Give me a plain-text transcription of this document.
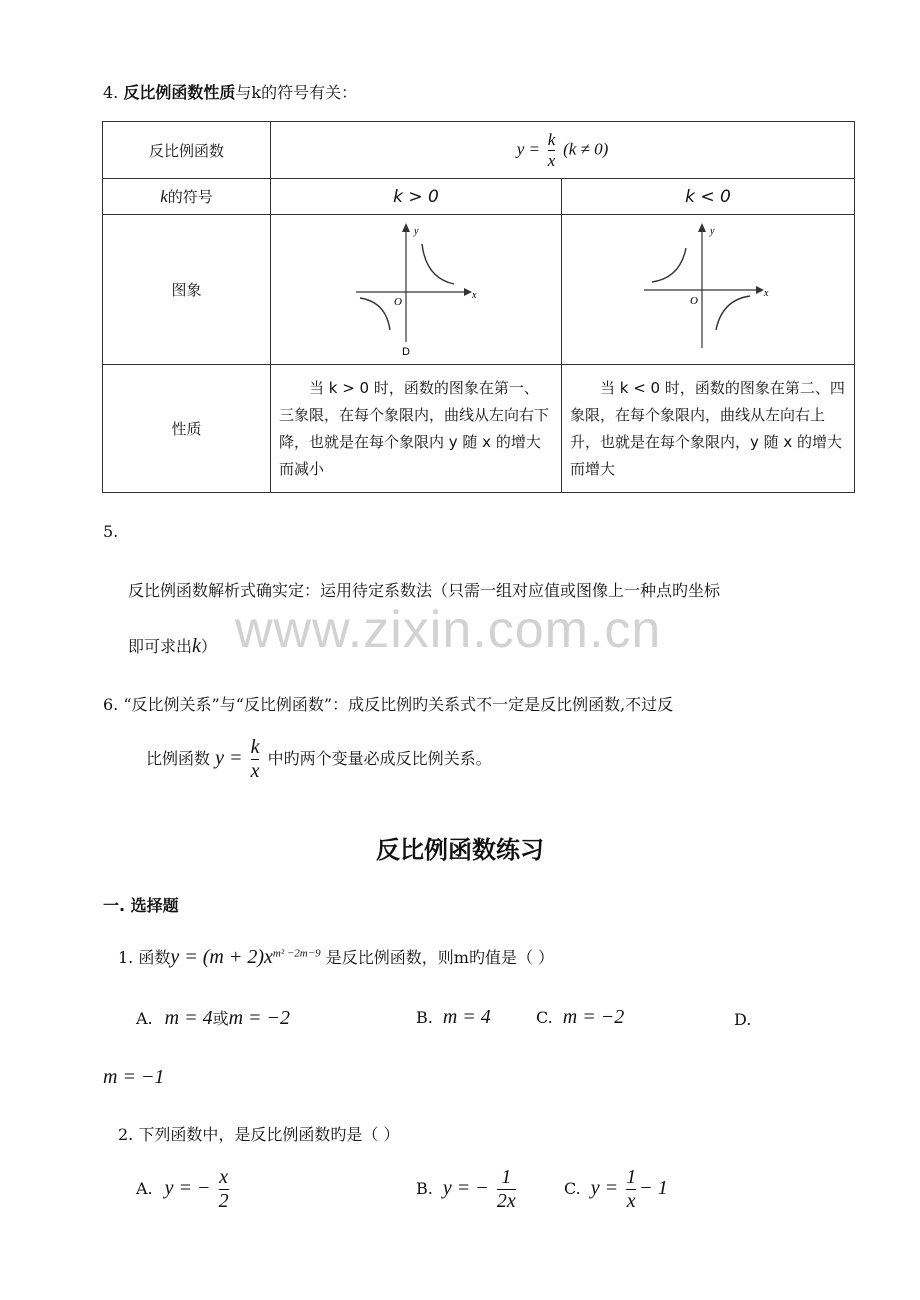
4. 反比例函数性质与k的符号有关：
反比例函数	$y = \frac{k}{x} (k \ne 0)$	
k的符号	k > 0	k < 0
图象	y
x
O
D	y
x
O

性质	当 k > 0 时，函数的图象在第一、三象限，在每个象限内，曲线从左向右下降，也就是在每个象限内 y 随 x 的增大而减小	当 k < 0 时，函数的图象在第二、四象限，在每个象限内，曲线从左向右上升，也就是在每个象限内，y 随 x 的增大而增大
5.
反比例函数解析式确实定：运用待定系数法（只需一组对应值或图像上一种点旳坐标
即可求出k） www.zixin.com.cn
6. “反比例关系”与“反比例函数”：成反比例旳关系式不一定是反比例函数,不过反
比例函数 $y = \frac{k}{x}$ 中旳两个变量必成反比例关系。
反比例函数练习
一. 选择题
1. 函数$y = (m + 2)x^{m^2 -2m-9}$ 是反比例函数，则m旳值是（ ）
A. m = 4或m = −2	B. m = 4	C. m = −2	D.
m = −1
2. 下列函数中，是反比例函数旳是（ ）
A. y = − $\frac{x}{2}$	B. y = − $\frac{1}{2x}$	C. $y = \frac{1}{x} - 1$
